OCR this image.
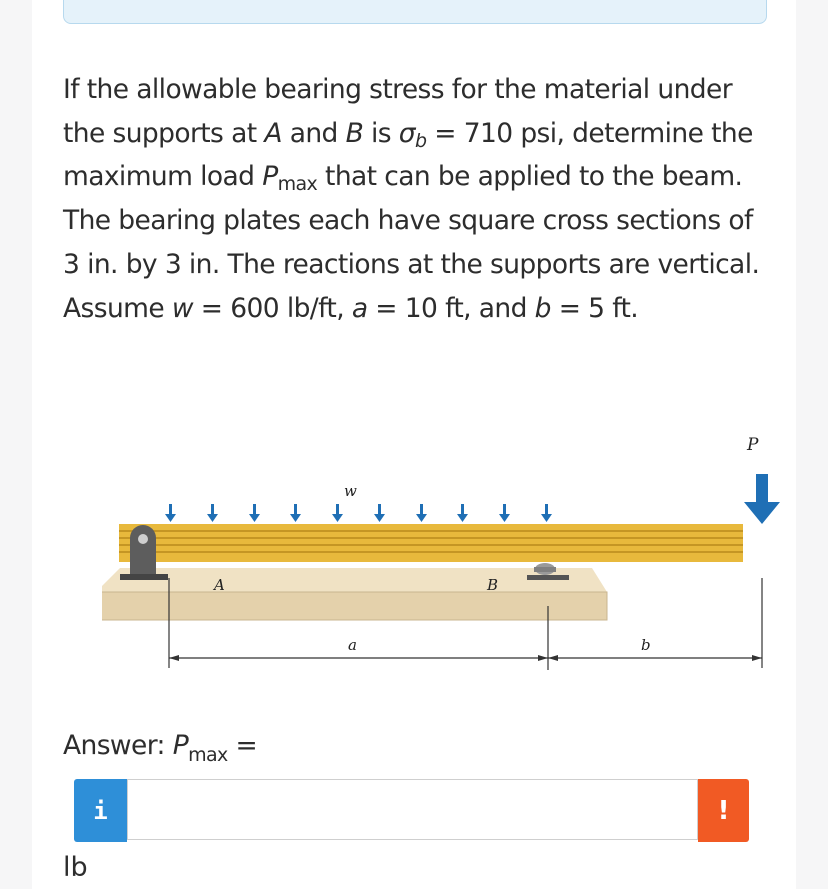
If the allowable bearing stress for the material under the supports at A and B is $\sigma_b = 710$ psi, determine the maximum load $P_{max}$ that can be applied to the beam. The bearing plates each have square cross sections of 3 in. by 3 in. The reactions at the supports are vertical. Assume w = 600 lb/ft, a = 10 ft, and b = 5 ft.

P
w
A	B
a	b
Answer: $P_{max}$ =
i	!
lb
